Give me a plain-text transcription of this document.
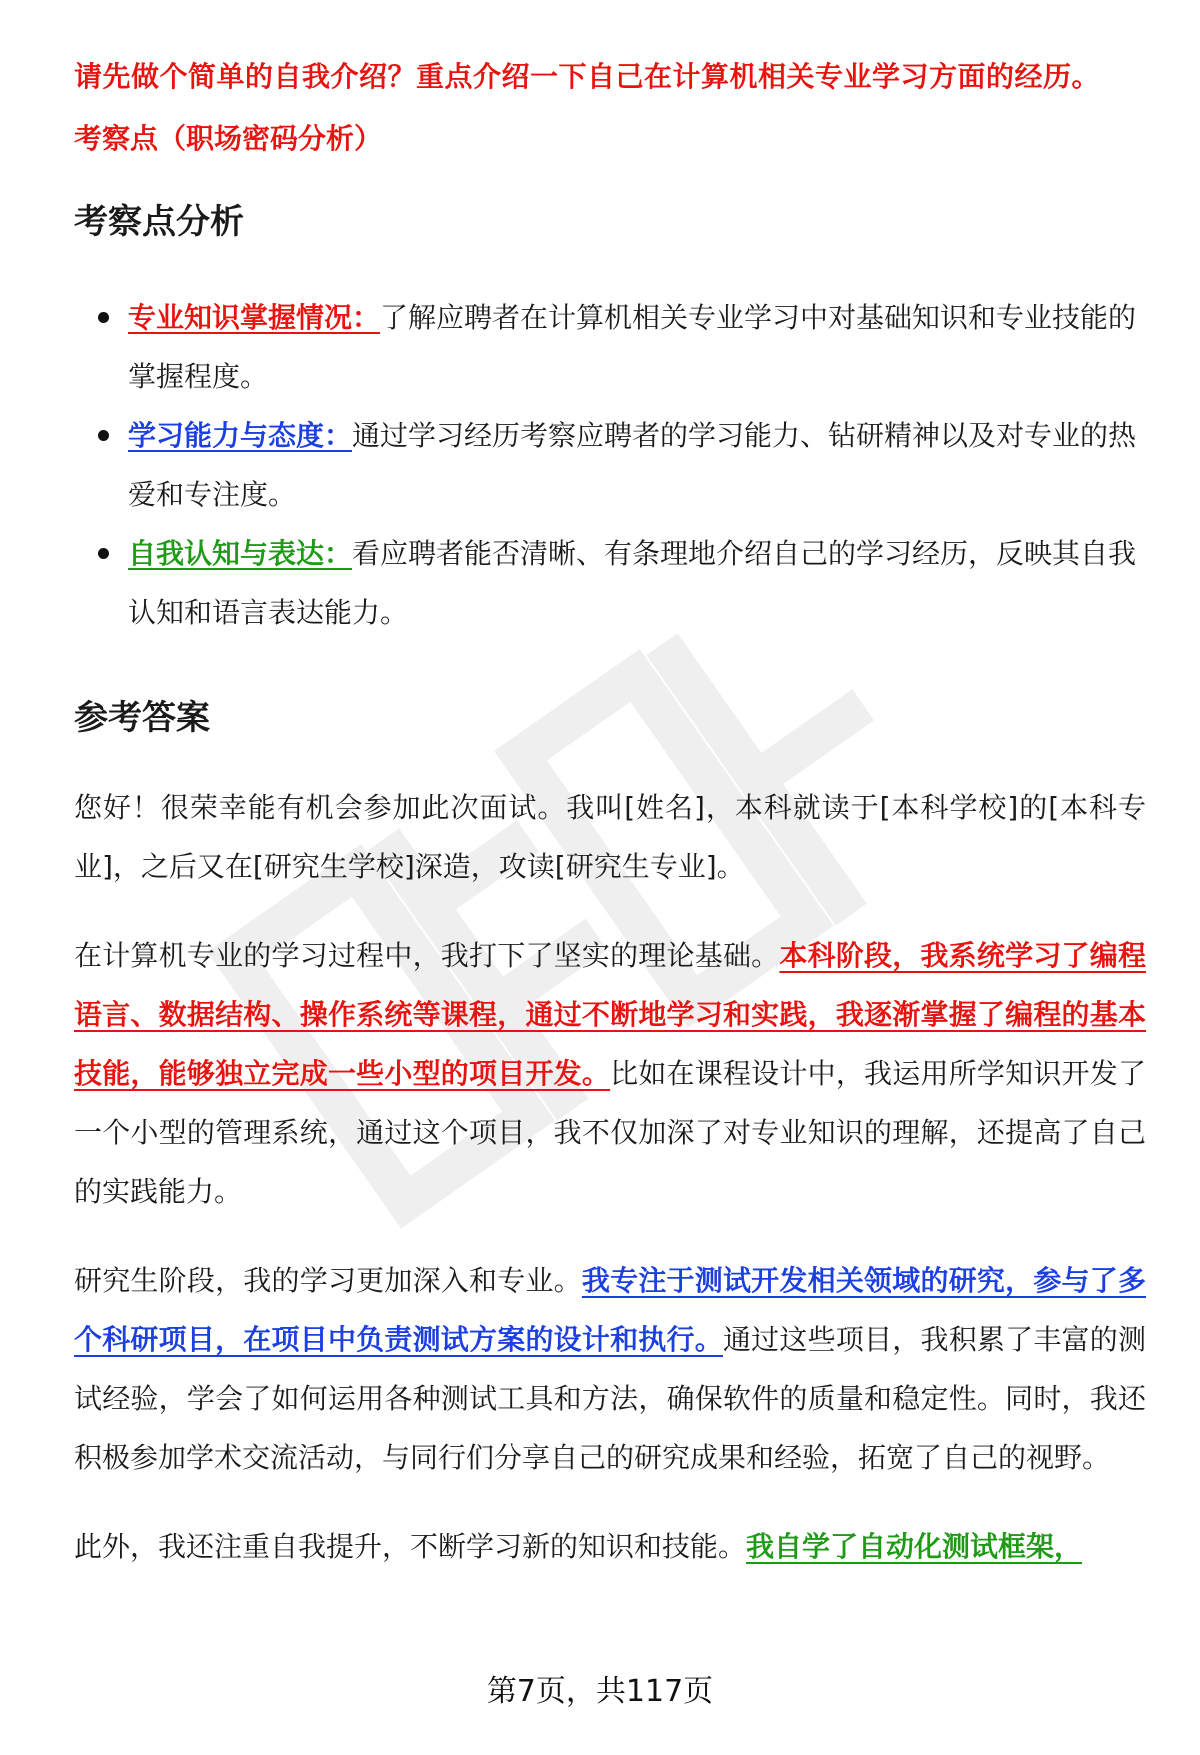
请先做个简单的自我介绍？重点介绍一下自己在计算机相关专业学习方面的经历。
考察点（职场密码分析）
考察点分析
专业知识掌握情况：了解应聘者在计算机相关专业学习中对基础知识和专业技能的掌握程度。
学习能力与态度：通过学习经历考察应聘者的学习能力、钻研精神以及对专业的热爱和专注度。
自我认知与表达：看应聘者能否清晰、有条理地介绍自己的学习经历，反映其自我认知和语言表达能力。
参考答案

您好！很荣幸能有机会参加此次面试。我叫[姓名]，本科就读于[本科学校]的[本科专业]，之后又在[研究生学校]深造，攻读[研究生专业]。

在计算机专业的学习过程中，我打下了坚实的理论基础。本科阶段，我系统学习了编程语言、数据结构、操作系统等课程，通过不断地学习和实践，我逐渐掌握了编程的基本技能，能够独立完成一些小型的项目开发。比如在课程设计中，我运用所学知识开发了一个小型的管理系统，通过这个项目，我不仅加深了对专业知识的理解，还提高了自己的实践能力。

研究生阶段，我的学习更加深入和专业。我专注于测试开发相关领域的研究，参与了多个科研项目，在项目中负责测试方案的设计和执行。通过这些项目，我积累了丰富的测试经验，学会了如何运用各种测试工具和方法，确保软件的质量和稳定性。同时，我还积极参加学术交流活动，与同行们分享自己的研究成果和经验，拓宽了自己的视野。

此外，我还注重自我提升，不断学习新的知识和技能。我自学了自动化测试框架，

第7页，共117页
